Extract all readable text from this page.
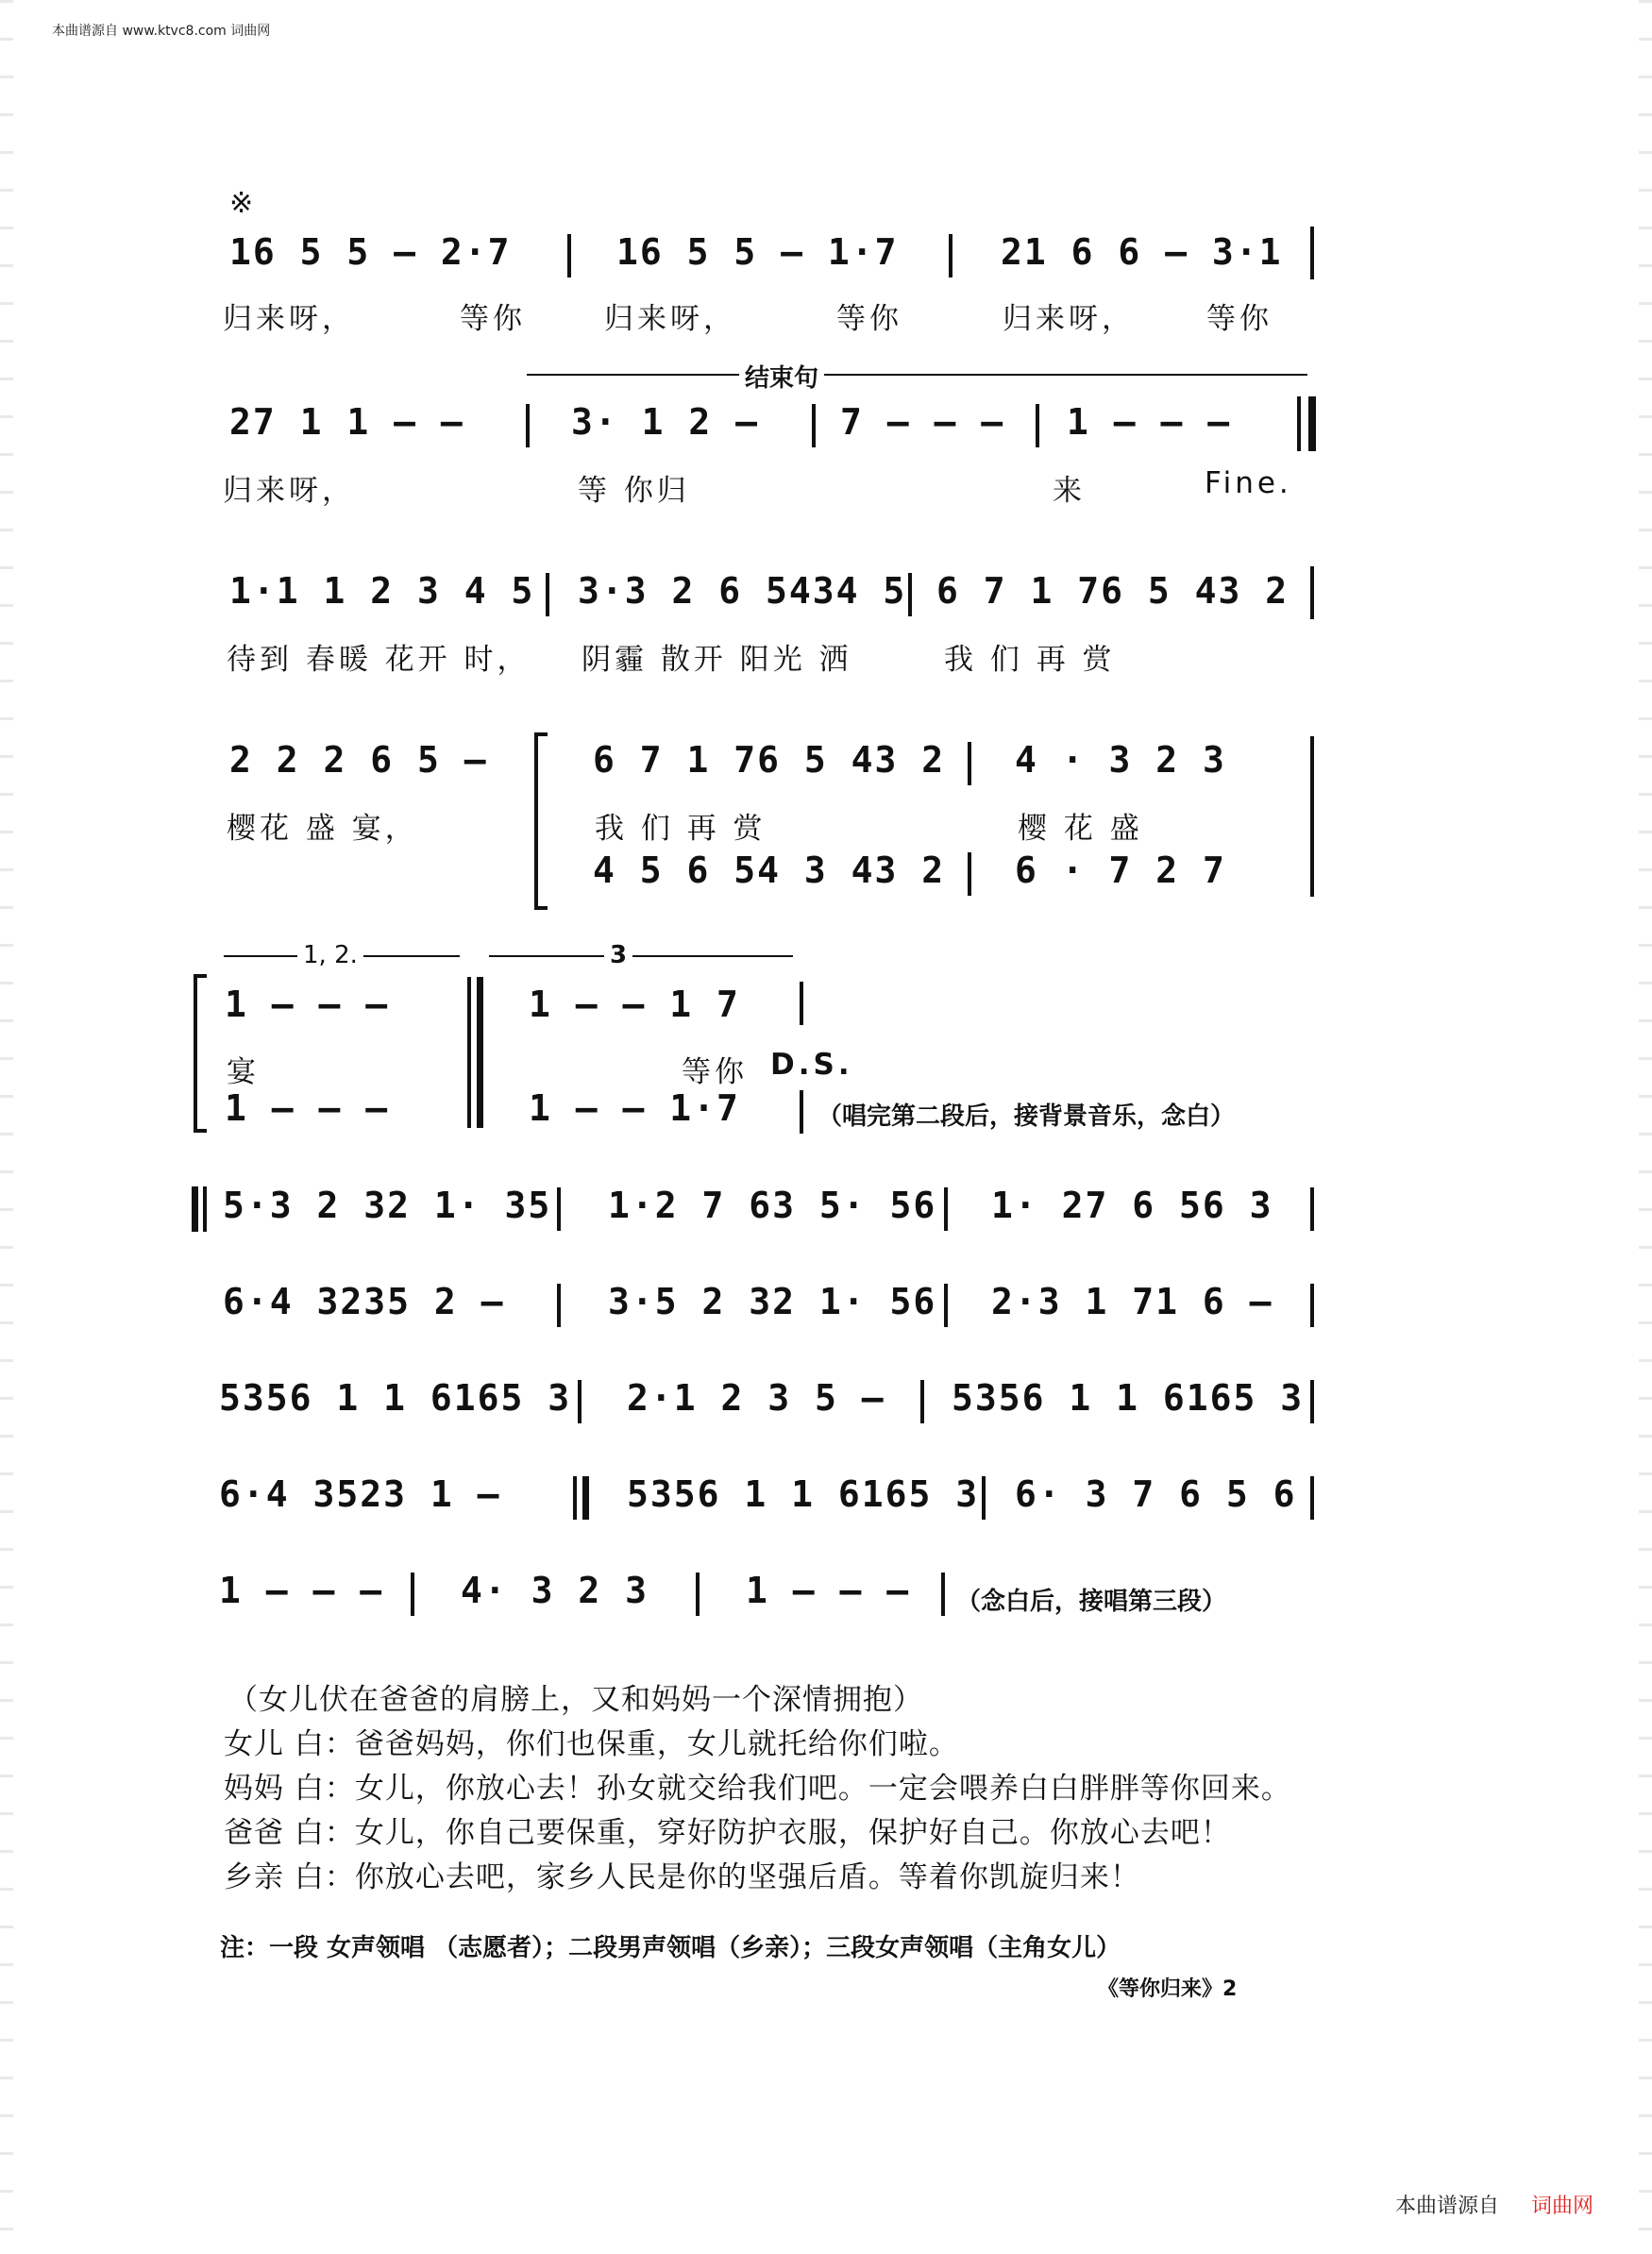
本曲谱源自 www.ktvc8.com 词曲网
※
16 5 5 – 2·7	16 5 5 – 1·7	21 6 6 – 3·1
归来呀，	等你	归来呀，	等你	归来呀， 等你
结束句
27 1 1 – –	3· 1 2 – 7 – – – 1 – – –
归来呀，	等 你归	来	Fine.
1·1 1 2 3 4 5 3·3 2 6 5434 5 6 7 1 76 5 43 2
待到 春暖 花开 时， 阴霾 散开 阳光 洒	我 们 再 赏
2 2 2 6 5 –	6 7 1 76 5 43 2 4 · 3 2 3
樱花 盛 宴，	我 们 再 赏	樱 花 盛
4 5 6 54 3 43 2 6 · 7 2 7
1, 2.	3
1 – – –	1 – – 1 7
宴	等你 D.S.
1 – – –	1 – – 1·7	（唱完第二段后，接背景音乐，念白）
5·3 2 32 1· 35 1·2 7 63 5· 56 1· 27 6 56 3
6·4 3235 2 –	3·5 2 32 1· 56 2·3 1 71 6 –
5356 1 1 6165 3 2·1 2 3 5 – 5356 1 1 6165 3
6·4 3523 1 –	5356 1 1 6165 3 6· 3 7 6 5 6
1 – – – 4· 3 2 3	1 – – – （念白后，接唱第三段）
（女儿伏在爸爸的肩膀上，又和妈妈一个深情拥抱）
女儿 白：爸爸妈妈，你们也保重，女儿就托给你们啦。
妈妈 白：女儿，你放心去！孙女就交给我们吧。一定会喂养白白胖胖等你回来。
爸爸 白：女儿，你自己要保重，穿好防护衣服，保护好自己。你放心去吧！
乡亲 白：你放心去吧，家乡人民是你的坚强后盾。等着你凯旋归来！
注：一段 女声领唱 （志愿者）；二段男声领唱（乡亲）；三段女声领唱（主角女儿）
《等你归来》2
本曲谱源自 词曲网
